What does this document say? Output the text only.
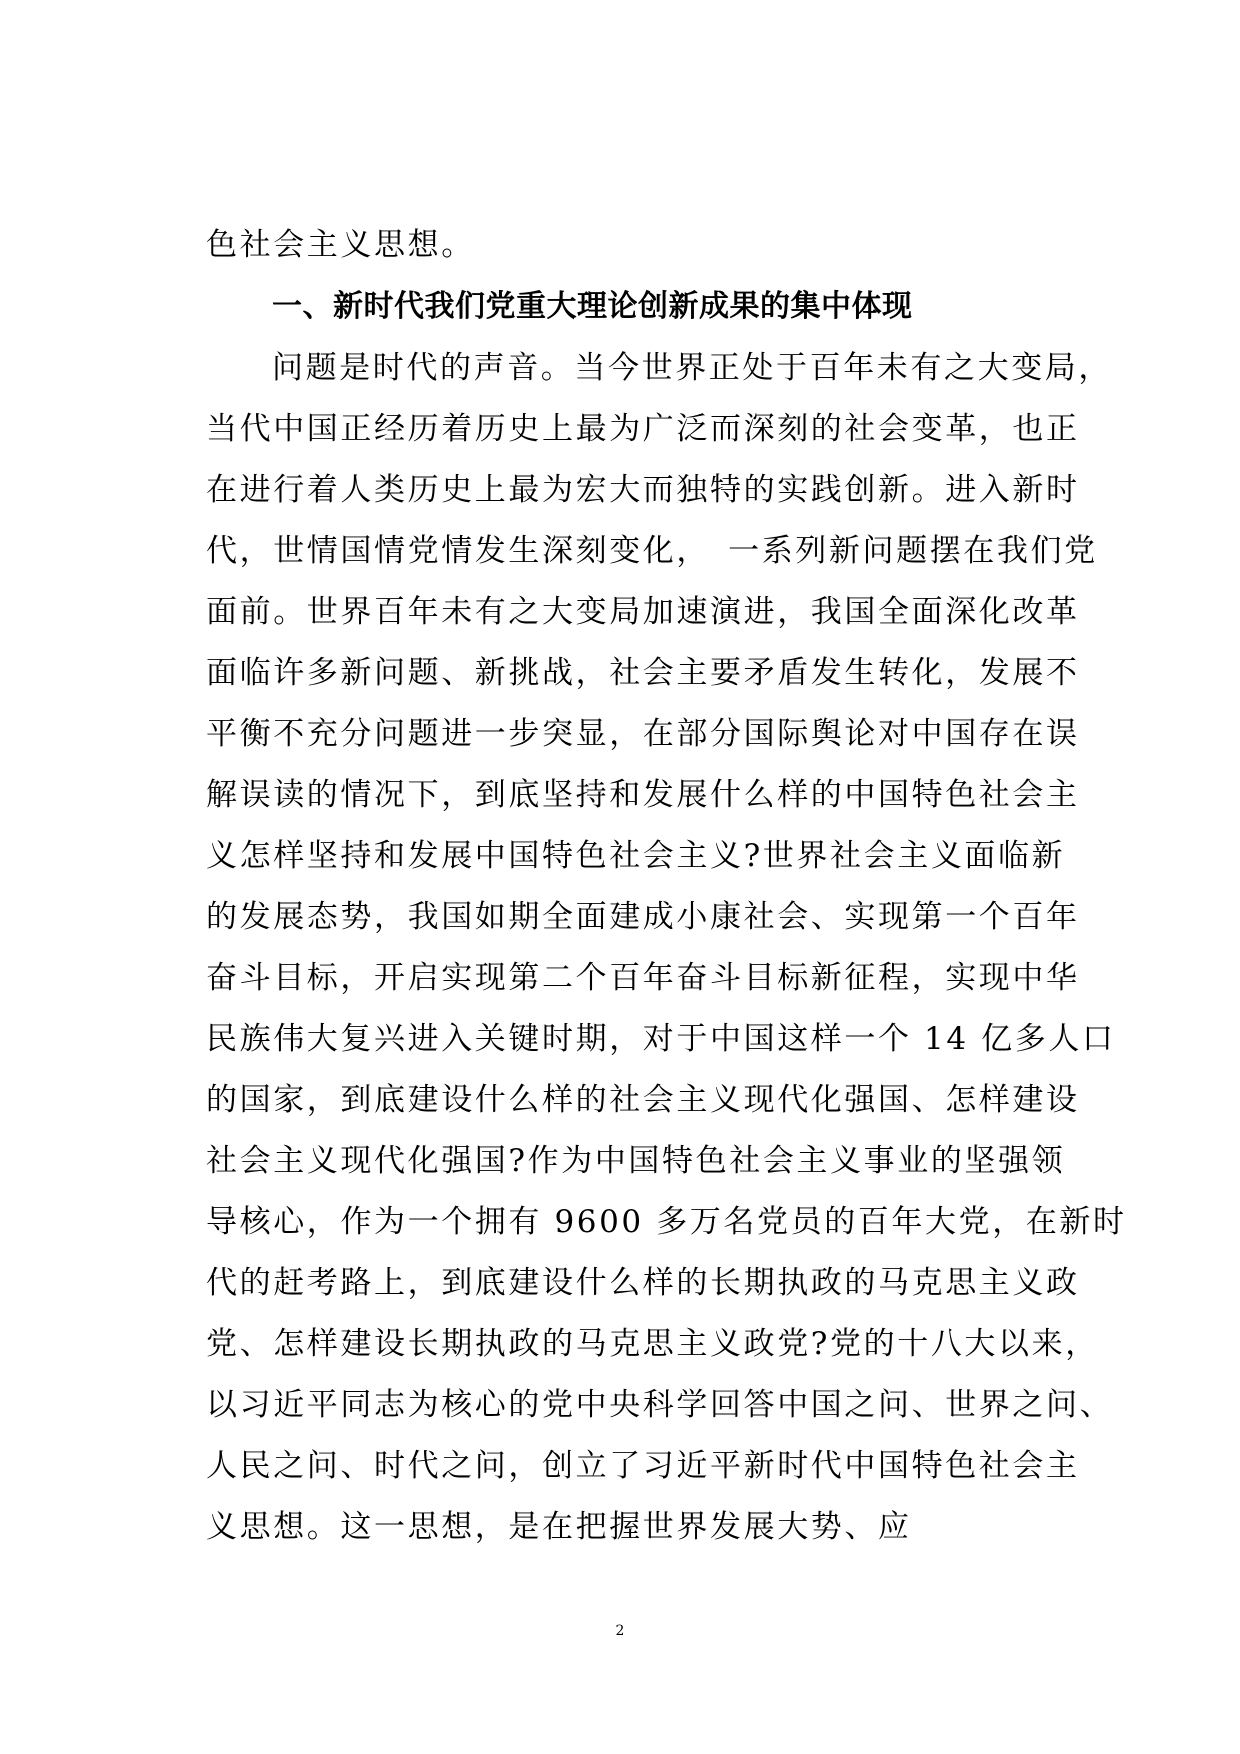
色社会主义思想。

一、新时代我们党重大理论创新成果的集中体现

问题是时代的声音。当今世界正处于百年未有之大变局，

当代中国正经历着历史上最为广泛而深刻的社会变革，也正

在进行着人类历史上最为宏大而独特的实践创新。进入新时

代，世情国情党情发生深刻变化，　一系列新问题摆在我们党

面前。世界百年未有之大变局加速演进，我国全面深化改革

面临许多新问题、新挑战，社会主要矛盾发生转化，发展不

平衡不充分问题进一步突显，在部分国际舆论对中国存在误

解误读的情况下，到底坚持和发展什么样的中国特色社会主

义怎样坚持和发展中国特色社会主义?世界社会主义面临新

的发展态势，我国如期全面建成小康社会、实现第一个百年

奋斗目标，开启实现第二个百年奋斗目标新征程，实现中华

民族伟大复兴进入关键时期，对于中国这样一个 14 亿多人口

的国家，到底建设什么样的社会主义现代化强国、怎样建设

社会主义现代化强国?作为中国特色社会主义事业的坚强领

导核心，作为一个拥有 9600 多万名党员的百年大党，在新时

代的赶考路上，到底建设什么样的长期执政的马克思主义政

党、怎样建设长期执政的马克思主义政党?党的十八大以来，

以习近平同志为核心的党中央科学回答中国之问、世界之问、

人民之问、时代之问，创立了习近平新时代中国特色社会主

义思想。这一思想，是在把握世界发展大势、应

2
